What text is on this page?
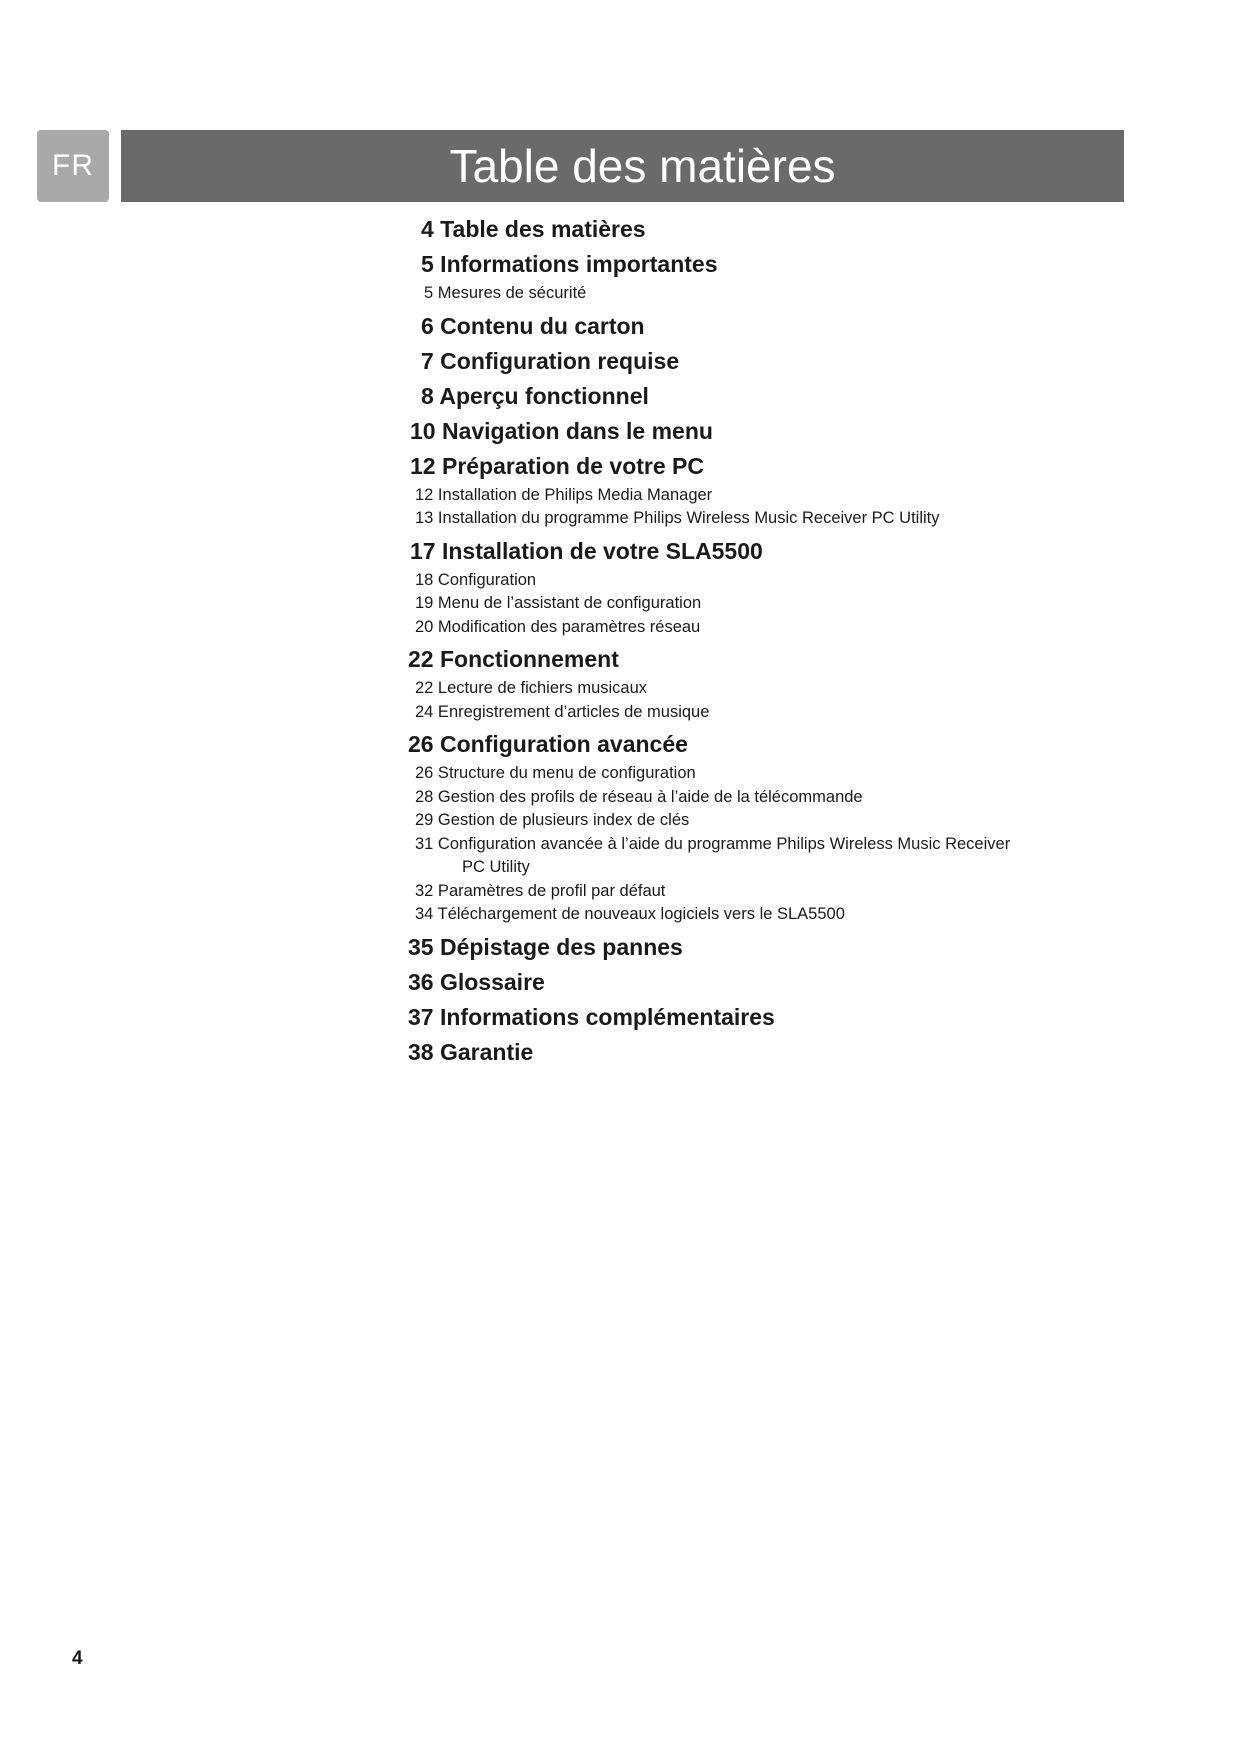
FR	Table des matières
4 Table des matières
5 Informations importantes
5 Mesures de sécurité
6 Contenu du carton
7 Configuration requise
8 Aperçu fonctionnel
10 Navigation dans le menu
12 Préparation de votre PC
12 Installation de Philips Media Manager
13 Installation du programme Philips Wireless Music Receiver PC Utility
17 Installation de votre SLA5500
18 Configuration
19 Menu de l’assistant de configuration
20 Modification des paramètres réseau
22 Fonctionnement
22 Lecture de fichiers musicaux
24 Enregistrement d’articles de musique
26 Configuration avancée
26 Structure du menu de configuration
28 Gestion des profils de réseau à l’aide de la télécommande
29 Gestion de plusieurs index de clés
31 Configuration avancée à l’aide du programme Philips Wireless Music Receiver
PC Utility
32 Paramètres de profil par défaut
34 Téléchargement de nouveaux logiciels vers le SLA5500
35 Dépistage des pannes
36 Glossaire
37 Informations complémentaires
38 Garantie
4
